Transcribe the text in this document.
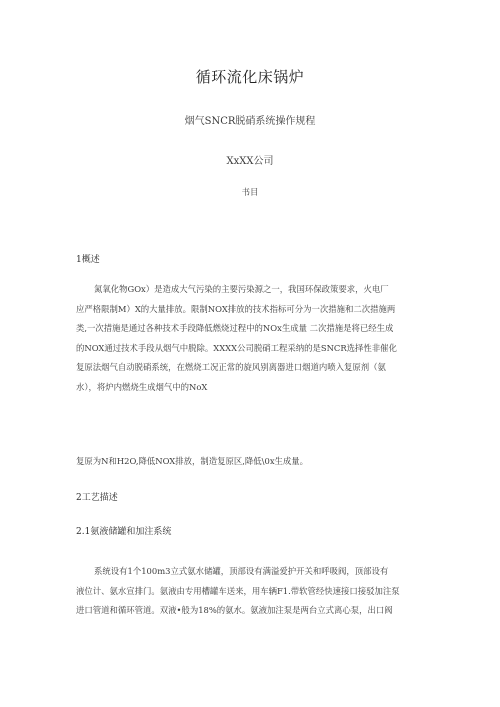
循环流化床锅炉
烟气SNCR脱硝系统操作规程
XxXX公司
书目
1概述
氮氧化物GOx）是造成大气污染的主要污染源之一，我国环保政策要求，火电厂
应严格限制M）X的大量排放。限制NOX排放的技术指标可分为一次措施和二次措施两
类,一次措施是通过各种技术手段降低燃烧过程中的NOx生成量 二次措施是将已经生成
的NOX通过技术手段从烟气中脱除。XXXX公司脱硝工程采纳的是SNCR选择性非催化
复原法烟气自动脱硝系统，在燃烧工况正常的旋风别离器进口烟道内喷入复原剂（氨
水），将炉内燃烧生成烟气中的NoX
复原为N和H2O,降低NOX排放，制造复原区,降低\0x生成量。
2工艺描述
2.1氨液储罐和加注系统
系统设有1个100m3立式氨水储罐，顶部设有满溢爱护开关和呼吸阀，顶部设有
液位计、氨水宣排门。氨液由专用槽罐车送来，用车辆F1.带软管经快速接口接驳加注泵
进口管道和循环管道。双液•般为18%的氨水。氨液加注泵是两台立式离心泵，出口阀
